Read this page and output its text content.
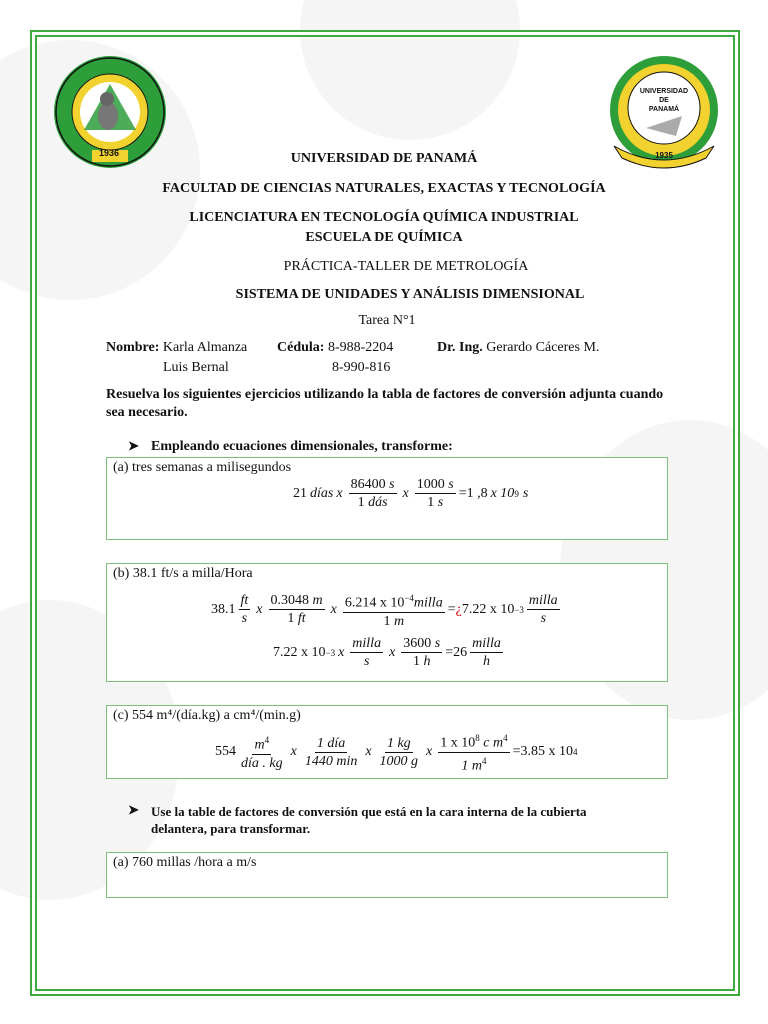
1936
UNIVERSIDAD
DE
PANAMÁ
1935
UNIVERSIDAD DE PANAMÁ
FACULTAD DE CIENCIAS NATURALES, EXACTAS Y TECNOLOGÍA
LICENCIATURA EN TECNOLOGÍA QUÍMICA INDUSTRIAL
ESCUELA DE QUÍMICA
PRÁCTICA-TALLER DE METROLOGÍA
SISTEMA DE UNIDADES Y ANÁLISIS DIMENSIONAL
Tarea N°1
Nombre: Karla Almanza
Luis Bernal
Cédula: 8-988-2204
8-990-816
Dr. Ing. Gerardo Cáceres M.
Resuelva los siguientes ejercicios utilizando la tabla de factores de conversión adjunta cuando sea necesario.
➤ Empleando ecuaciones dimensionales, transforme:
(a) tres semanas a milisegundos
21 días x $\frac{86400 s}{\text{1 dás}}$ x $\frac{1000 s}{1 s} =1$ ,8 x 10 9 s
(b) 38.1 ft/s a milla/Hora
$38.1 \frac{ft}{s}$ x $\frac{0.3048 m}{1 ft}$ x $\frac{6.214 x 10^{-4}milla}{1 m}$ = ¿ 7.22 x $10 -3 \frac{\text{milla}}{s}$
7.22 x 10 −3 x $\frac{\text{milla}}{s}$ x $\frac{3600 s}{1 h} =26 \frac{\text{milla}}{h}$
(c) 554 m⁴/(día.kg) a cm⁴/(min.g)
$554 \frac{m^4}{\text{día . kg}}$ x $\frac{\text{1 día}}{1440 \min}$ x $\frac{1 kg}{1000 g}$ x $\frac{1 x 10^8 c m^4}{1 m^4} =3.85$ x 10 4
➤ Use la table de factores de conversión que está en la cara interna de la cubierta delantera, para transformar.
(a) 760 millas /hora a m/s
